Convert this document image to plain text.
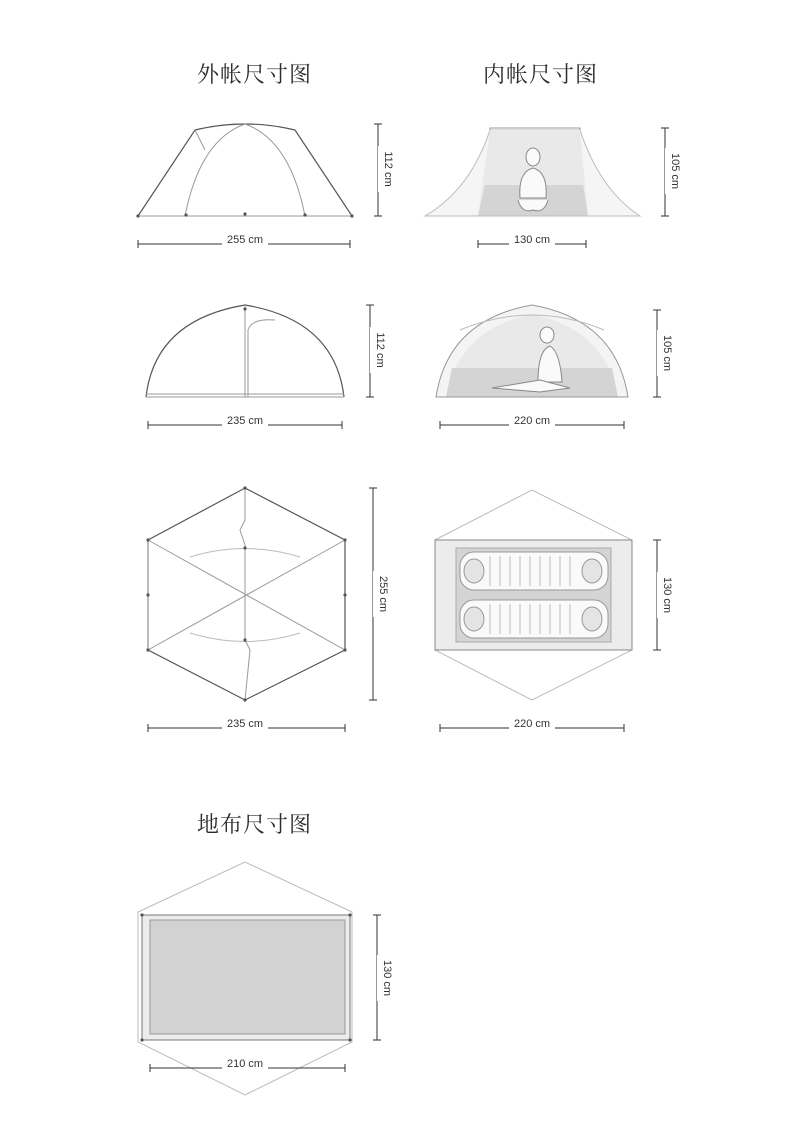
外帐尺寸图	内帐尺寸图
地布尺寸图
255 cm
112 cm
130 cm
105 cm
235 cm
112 cm
220 cm
105 cm
235 cm
255 cm
220 cm
130 cm
210 cm
130 cm
